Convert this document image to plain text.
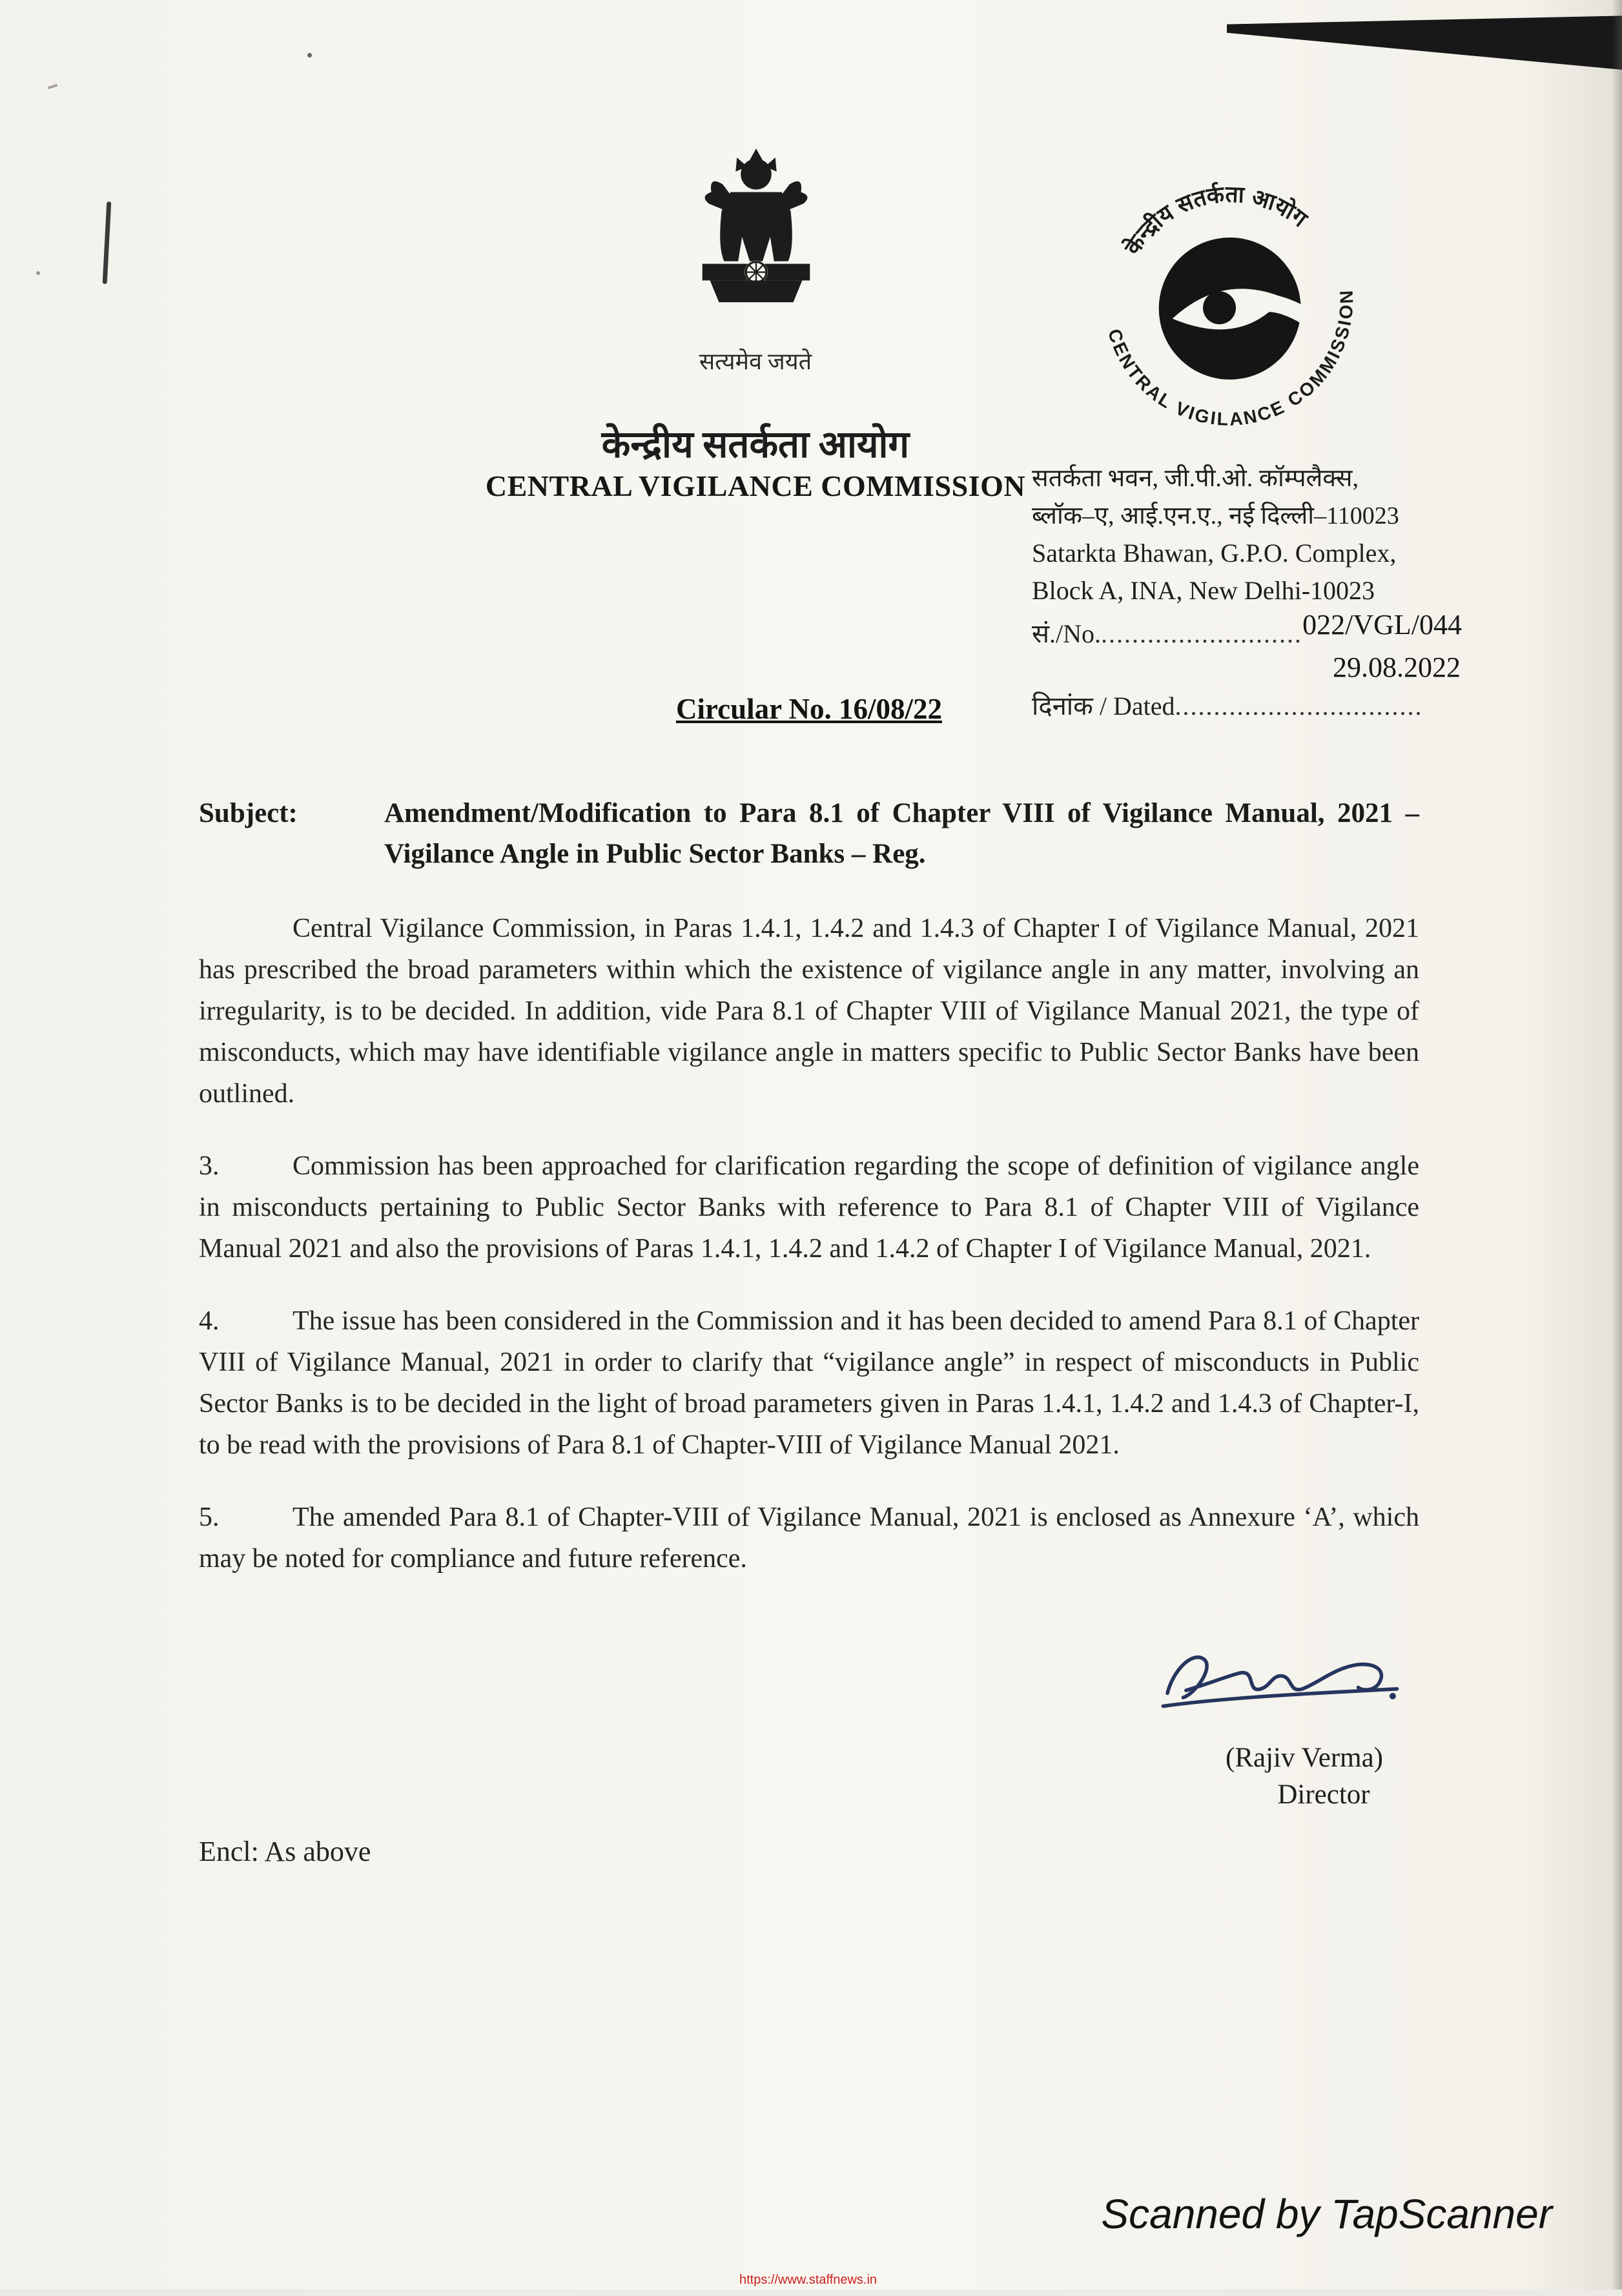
सत्यमेव जयते
केन्द्रीय सतर्कता आयोग
CENTRAL VIGILANCE COMMISSION
केन्द्रीय सतर्कता आयोग
CENTRAL VIGILANCE COMMISSION
सतर्कता भवन, जी.पी.ओ. कॉम्पलैक्स,
ब्लॉक–ए, आई.एन.ए., नई दिल्ली–110023
Satarkta Bhawan, G.P.O. Complex,
Block A, INA, New Delhi-10023
सं./No........................... 022/VGL/044
29.08.2022
दिनांक / Dated................................
Circular No. 16/08/22
Subject:	Amendment/Modification to Para 8.1 of Chapter VIII of Vigilance Manual, 2021 – Vigilance Angle in Public Sector Banks – Reg.

Central Vigilance Commission, in Paras 1.4.1, 1.4.2 and 1.4.3 of Chapter I of Vigilance Manual, 2021 has prescribed the broad parameters within which the existence of vigilance angle in any matter, involving an irregularity, is to be decided. In addition, vide Para 8.1 of Chapter VIII of Vigilance Manual 2021, the type of misconducts, which may have identifiable vigilance angle in matters specific to Public Sector Banks have been outlined.

3.	Commission has been approached for clarification regarding the scope of definition of vigilance angle in misconducts pertaining to Public Sector Banks with reference to Para 8.1 of Chapter VIII of Vigilance Manual 2021 and also the provisions of Paras 1.4.1, 1.4.2 and 1.4.2 of Chapter I of Vigilance Manual, 2021.

4.	The issue has been considered in the Commission and it has been decided to amend Para 8.1 of Chapter VIII of Vigilance Manual, 2021 in order to clarify that “vigilance angle” in respect of misconducts in Public Sector Banks is to be decided in the light of broad parameters given in Paras 1.4.1, 1.4.2 and 1.4.3 of Chapter-I, to be read with the provisions of Para 8.1 of Chapter-VIII of Vigilance Manual 2021.

5.	The amended Para 8.1 of Chapter-VIII of Vigilance Manual, 2021 is enclosed as Annexure ‘A’, which may be noted for compliance and future reference.

(Rajiv Verma)
Director
Encl: As above
Scanned by TapScanner
https://www.staffnews.in
